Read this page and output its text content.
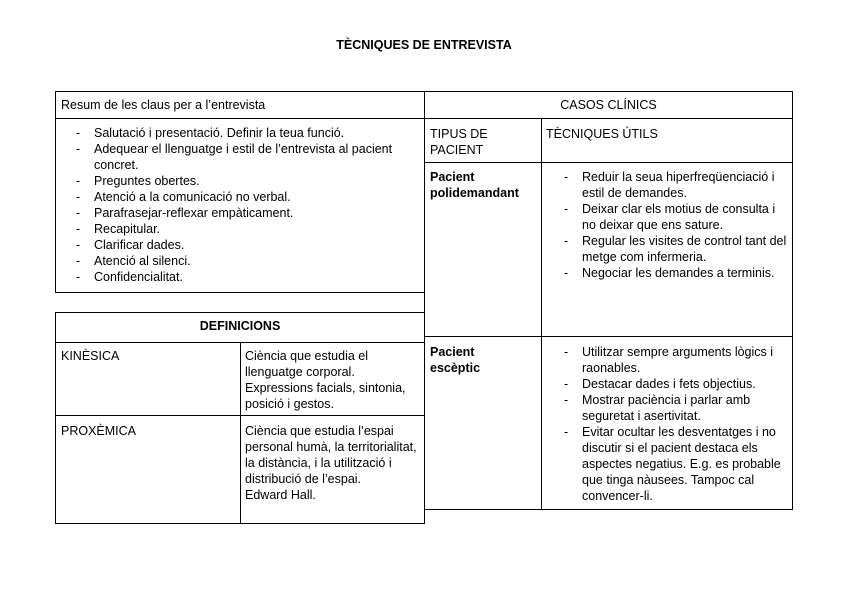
TÈCNIQUES DE ENTREVISTA
Resum de les claus per a l’entrevista
- Salutació i presentació. Definir la teua funció.
- Adequear el llenguatge i estil de l’entrevista al pacient concret.
- Preguntes obertes.
- Atenció a la comunicació no verbal.
- Parafrasejar-reflexar empàticament.
- Recapitular.
- Clarificar dades.
- Atenció al silenci.
- Confidencialitat.
DEFINICIONS
KINÈSICA	Ciència que estudia el llenguatge corporal. Expressions facials, sintonia, posició i gestos.
PROXÈMICA	Ciència que estudia l’espai personal humà, la territorialitat, la distància, i la utilització i distribució de l’espai.
Edward Hall.
CASOS CLÍNICS
TIPUS DE PACIENT
TÈCNIQUES ÚTILS
Pacient polidemandant
- Reduir la seua hiperfreqüenciació i estil de demandes.
- Deixar clar els motius de consulta i no deixar que ens sature.
- Regular les visites de control tant del metge com infermeria.
- Negociar les demandes a terminis.
Pacient escèptic
- Utilitzar sempre arguments lògics i raonables.
- Destacar dades i fets objectius.
- Mostrar paciència i parlar amb seguretat i asertivitat.
- Evitar ocultar les desventatges i no discutir si el pacient destaca els aspectes negatius. E.g. es probable que tinga nàusees. Tampoc cal convencer-li.
